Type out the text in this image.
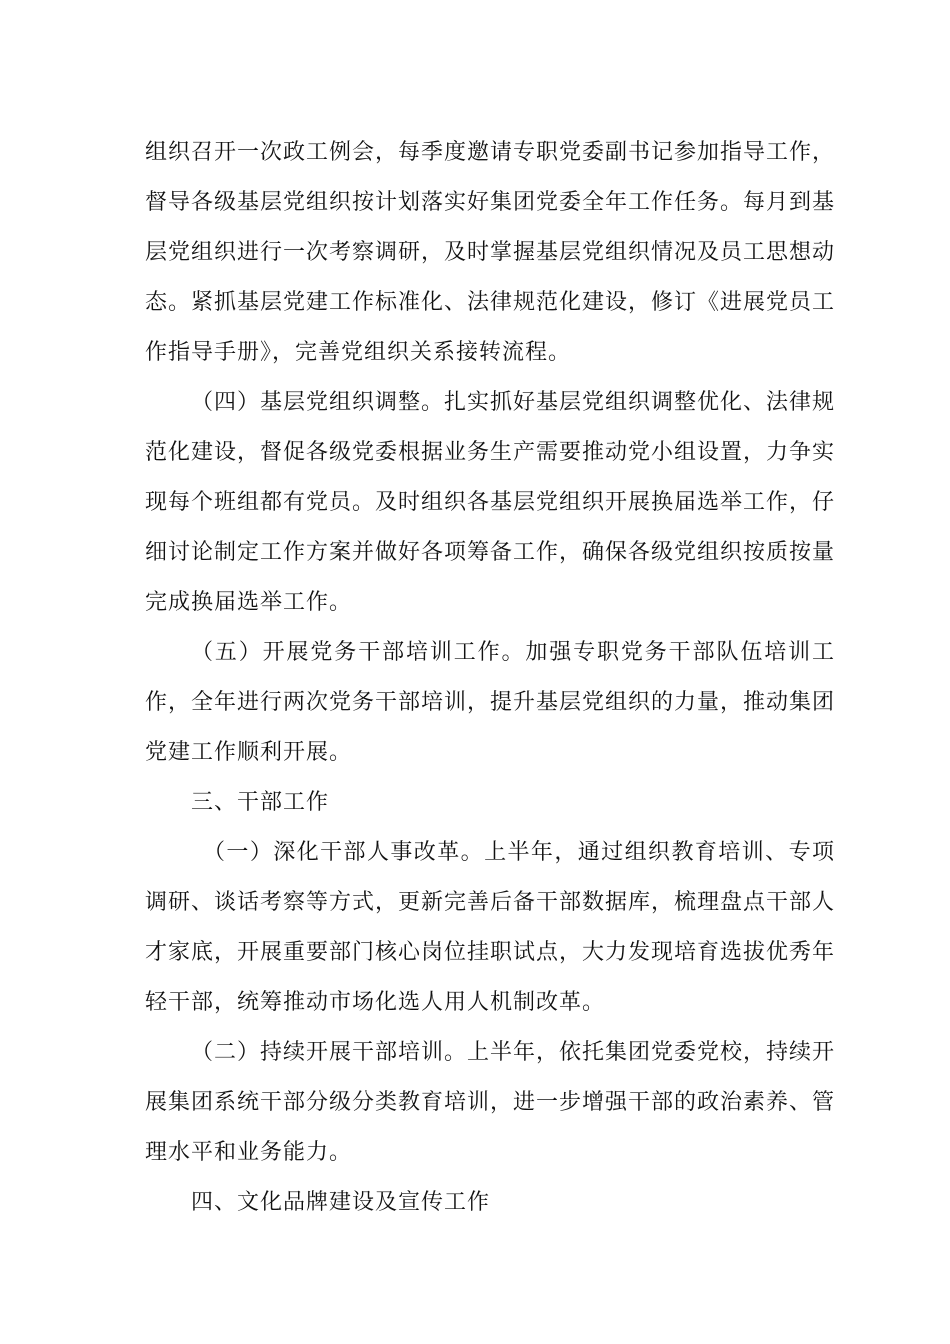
组织召开一次政工例会，每季度邀请专职党委副书记参加指导工作，督导各级基层党组织按计划落实好集团党委全年工作任务。每月到基层党组织进行一次考察调研，及时掌握基层党组织情况及员工思想动态。紧抓基层党建工作标准化、法律规范化建设，修订《进展党员工作指导手册》，完善党组织关系接转流程。

（四）基层党组织调整。扎实抓好基层党组织调整优化、法律规范化建设，督促各级党委根据业务生产需要推动党小组设置，力争实现每个班组都有党员。及时组织各基层党组织开展换届选举工作，仔细讨论制定工作方案并做好各项筹备工作，确保各级党组织按质按量完成换届选举工作。

（五）开展党务干部培训工作。加强专职党务干部队伍培训工作，全年进行两次党务干部培训，提升基层党组织的力量，推动集团党建工作顺利开展。

三、干部工作

（一）深化干部人事改革。上半年，通过组织教育培训、专项调研、谈话考察等方式，更新完善后备干部数据库，梳理盘点干部人才家底，开展重要部门核心岗位挂职试点，大力发现培育选拔优秀年轻干部，统筹推动市场化选人用人机制改革。

（二）持续开展干部培训。上半年，依托集团党委党校，持续开展集团系统干部分级分类教育培训，进一步增强干部的政治素养、管理水平和业务能力。

四、文化品牌建设及宣传工作
